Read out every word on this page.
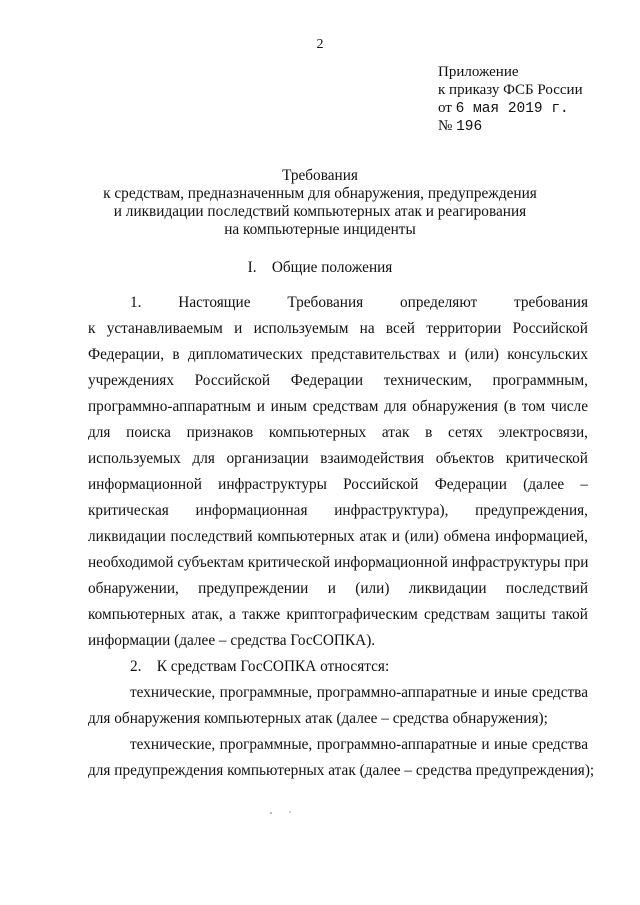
2
Приложение
к приказу ФСБ России
от 6 мая 2019 г.
№ 196
Требования
к средствам, предназначенным для обнаружения, предупреждения
и ликвидации последствий компьютерных атак и реагирования
на компьютерные инциденты
I.    Общие положения
1.    Настоящие    Требования    определяют    требования
к устанавливаемым и используемым на всей территории Российской
Федерации, в дипломатических представительствах и (или) консульских
учреждениях Российской Федерации техническим, программным,
программно-аппаратным и иным средствам для обнаружения (в том числе
для поиска признаков компьютерных атак в сетях электросвязи,
используемых для организации взаимодействия объектов критической
информационной инфраструктуры Российской Федерации (далее –
критическая информационная инфраструктура), предупреждения,
ликвидации последствий компьютерных атак и (или) обмена информацией,
необходимой субъектам критической информационной инфраструктуры при
обнаружении, предупреждении и (или) ликвидации последствий
компьютерных атак, а также криптографическим средствам защиты такой
информации (далее – средства ГосСОПКА).
2.    К средствам ГосСОПКА относятся:
технические, программные, программно-аппаратные и иные средства
для обнаружения компьютерных атак (далее – средства обнаружения);
технические, программные, программно-аппаратные и иные средства
для предупреждения компьютерных атак (далее – средства предупреждения);
